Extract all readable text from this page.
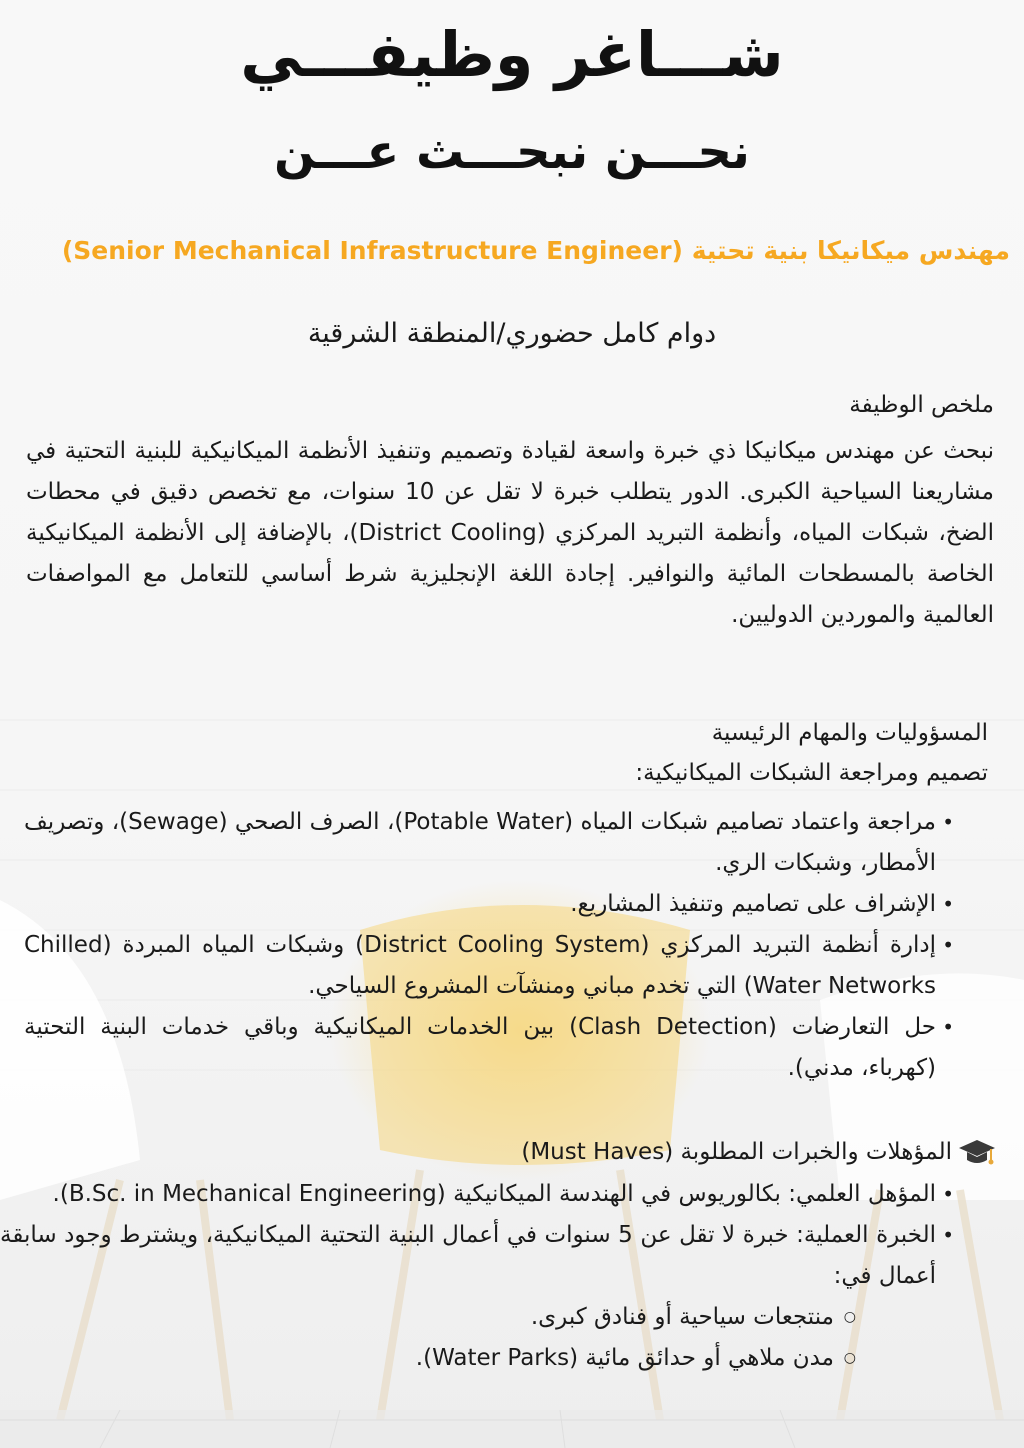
شـــاغر وظيفـــي
نحـــن نبحـــث عـــن
مهندس ميكانيكا بنية تحتية (Senior Mechanical Infrastructure Engineer)
دوام كامل حضوري/المنطقة الشرقية
ملخص الوظيفة
نبحث عن مهندس ميكانيكا ذي خبرة واسعة لقيادة وتصميم وتنفيذ الأنظمة الميكانيكية للبنية التحتية في مشاريعنا السياحية الكبرى. الدور يتطلب خبرة لا تقل عن 10 سنوات، مع تخصص دقيق في محطات الضخ، شبكات المياه، وأنظمة التبريد المركزي (District Cooling)، بالإضافة إلى الأنظمة الميكانيكية الخاصة بالمسطحات المائية والنوافير. إجادة اللغة الإنجليزية شرط أساسي للتعامل مع المواصفات العالمية والموردين الدوليين.
المسؤوليات والمهام الرئيسية
تصميم ومراجعة الشبكات الميكانيكية:
•
مراجعة واعتماد تصاميم شبكات المياه (Potable Water)، الصرف الصحي (Sewage)، وتصريف الأمطار، وشبكات الري.
•
الإشراف على تصاميم وتنفيذ المشاريع.
•
إدارة أنظمة التبريد المركزي (District Cooling System) وشبكات المياه المبردة (Chilled Water Networks) التي تخدم مباني ومنشآت المشروع السياحي.
•
حل التعارضات (Clash Detection) بين الخدمات الميكانيكية وباقي خدمات البنية التحتية (كهرباء، مدني).
المؤهلات والخبرات المطلوبة (Must Haves)
•
المؤهل العلمي: بكالوريوس في الهندسة الميكانيكية (B.Sc. in Mechanical Engineering).
•
الخبرة العملية: خبرة لا تقل عن 5 سنوات في أعمال البنية التحتية الميكانيكية، ويشترط وجود سابقة أعمال في:
○
منتجعات سياحية أو فنادق كبرى.
○
مدن ملاهي أو حدائق مائية (Water Parks).
